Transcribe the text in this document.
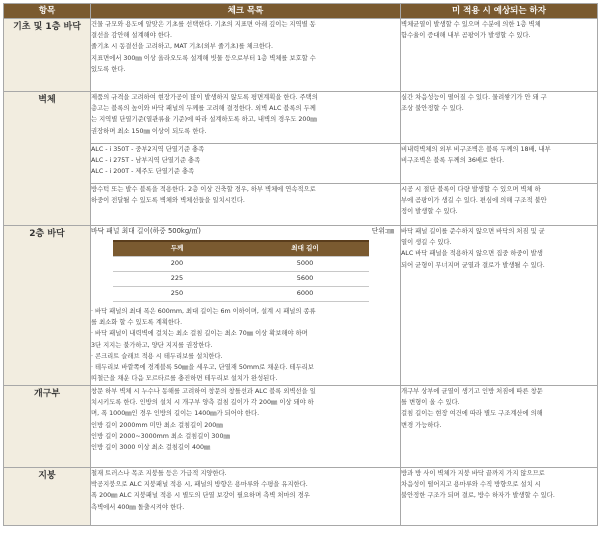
항목	체크 목록	미 적용 시 예상되는 하자
기초 및 1층 바닥	건물 규모와 용도에 알맞은 기초를 선택한다. 기초의 지표면 아래 깊이는 지역별 동
결선을 감안해 설계해야 한다.
줄기초 시 동결선을 고려하고, MAT 기초(외부 줄기초)를 체크한다.
지표면에서 300㎜ 이상 올라오도록 설계해 빗물 등으로부터 1층 벽체를 보호할 수
있도록 한다.

벽체균열이 발생할 수 있으며 수분에 의한 1층 벽체
함수율이 증대해 내부 곰팡이가 발생할 수 있다.

벽체	제품의 규격을 고려하여 현장가공이 많이 발생하지 않도록 평면계획을 한다. 주택의
층고는 블록의 높이와 바닥 패널의 두께를 고려해 결정한다. 외벽 ALC 블록의 두께
는 지역별 단열기준(열관류율 기준)에 따라 설계하도록 하고, 내벽의 경우도 200㎜
권장하며 최소 150㎜ 이상이 되도록 한다.

실간 차음성능이 떨어질 수 있다. 물려쌓기가 안 돼 구
조상 불안정할 수 있다.

ALC - i 350T - 중부2지역 단열기준 충족
ALC - i 275T - 남부지역 단열기준 충족
ALC - i 200T - 제주도 단열기준 충족

비내력벽체의 외부 비구조벽은 블록 두께의 18배, 내부
비구조벽은 블록 두께의 36배로 한다.

방수턱 또는 발수 블록을 적용한다. 2층 이상 건축할 경우, 하부 벽체에 연속적으로
하중이 전달될 수 있도록 벽체와 벽체선들을 일치시킨다.

시공 시 절단 블록이 다량 발생할 수 있으며 벽체 하
부에 곰팡이가 생길 수 있다. 편심에 의해 구조적 불안
정이 발생할 수 있다.

2층 바닥	바닥 패널 최대 길이(하중 500kg/㎡)	단위:㎜
두께	최대 길이
200	5000
225	5600
250	6000
· 바닥 패널의 최대 폭은 600mm, 최대 길이는 6m 이하이며, 설계 시 패널의 종류
를 최소화 할 수 있도록 계획한다.
· 바닥 패널이 내력벽에 걸치는 최소 걸침 길이는 최소 70㎜ 이상 확보해야 하며
3단 지지는 불가하고, 양단 지지를 권장한다.
· 콘크리트 슬래브 적용 시 테두리보를 설치한다.
· 테두리보 바깥쪽에 경계블록 50㎜을 세우고, 단열재 50mm로 채운다. 테두리보
띠철근을 채운 다음 모르타르를 충진하면 테두리보 설치가 완성된다.

바닥 패널 길이를 준수하지 않으면 바닥의 처짐 및 균
열이 생길 수 있다.
ALC 바닥 패널을 적용하지 않으면 집중 하중이 발생
되어 균형이 무너지며 균열과 결로가 발생될 수 있다.

개구부	창문 하부 벽체 시 누수나 동해를 고려하여 창문의 창틀선과 ALC 블록 외벽선을 일
치시키도록 한다. 인방의 설치 시 개구부 양측 걸침 길이가 각 200㎜ 이상 돼야 하
며, 폭 1000㎜인 경우 인방의 길이는 1400㎜가 되어야 한다.
인방 길이 2000mm 미만 최소 걸침길이 200㎜
인방 길이 2000~3000mm 최소 걸침길이 300㎜
인방 길이 3000 이상 최소 걸침길이 400㎜

개구부 상부에 균열이 생기고 인방 처짐에 따른 창문
틀 변형이 올 수 있다.
걸침 길이는 현장 여건에 따라 별도 구조계산에 의해
변경 가능하다.

지붕	철재 트러스나 목조 지붕틀 등은 가급적 지양한다.
박공지붕으로 ALC 지붕패널 적용 시, 패널의 방향은 용마루와 수평을 유지한다.
폭 200㎜ ALC 지붕패널 적용 시 별도의 단열 보강이 필요하며 측벽 처마의 경우
측벽에서 400㎜ 돌출시켜야 한다.

방과 방 사이 벽체가 지붕 바닥 끝까지 가지 않으므로
차음성이 떨어지고 용마루와 수직 방향으로 설치 시
불안정한 구조가 되며 결로, 방수 하자가 발생할 수 있다.
